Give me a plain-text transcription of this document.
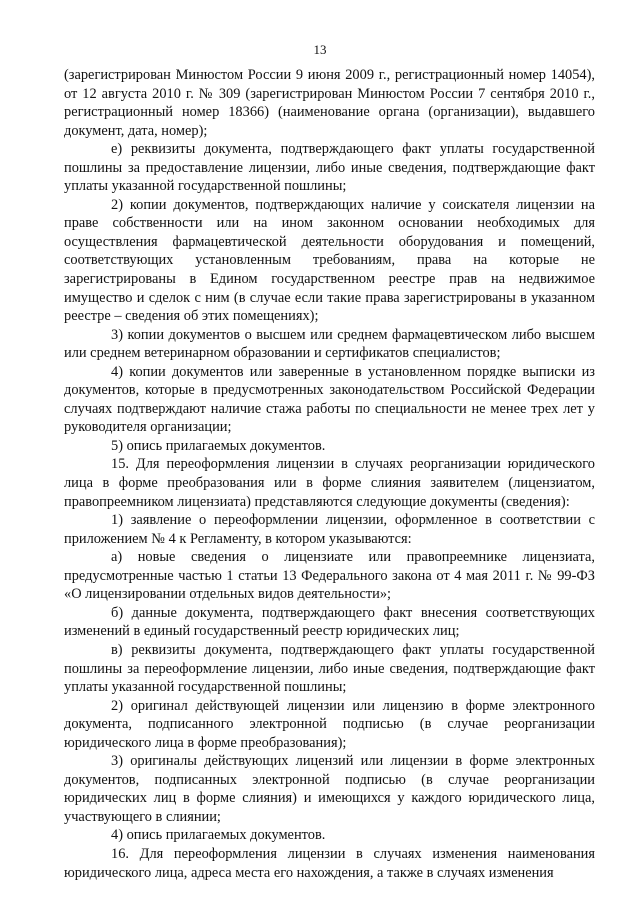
13

(зарегистрирован Минюстом России 9 июня 2009 г., регистрационный номер 14054), от 12 августа 2010 г. № 309 (зарегистрирован Минюстом России 7 сентября 2010 г., регистрационный номер 18366) (наименование органа (организации), выдавшего документ, дата, номер);

е) реквизиты документа, подтверждающего факт уплаты государственной пошлины за предоставление лицензии, либо иные сведения, подтверждающие факт уплаты указанной государственной пошлины;

2) копии документов, подтверждающих наличие у соискателя лицензии на праве собственности или на ином законном основании необходимых для осуществления фармацевтической деятельности оборудования и помещений, соответствующих установленным требованиям, права на которые не зарегистрированы в Едином государственном реестре прав на недвижимое имущество и сделок с ним (в случае если такие права зарегистрированы в указанном реестре – сведения об этих помещениях);

3) копии документов о высшем или среднем фармацевтическом либо высшем или среднем ветеринарном образовании и сертификатов специалистов;

4) копии документов или заверенные в установленном порядке выписки из документов, которые в предусмотренных законодательством Российской Федерации случаях подтверждают наличие стажа работы по специальности не менее трех лет у руководителя организации;

5) опись прилагаемых документов.

15. Для переоформления лицензии в случаях реорганизации юридического лица в форме преобразования или в форме слияния заявителем (лицензиатом, правопреемником лицензиата) представляются следующие документы (сведения):

1) заявление о переоформлении лицензии, оформленное в соответствии с приложением № 4 к Регламенту, в котором указываются:

а) новые сведения о лицензиате или правопреемнике лицензиата, предусмотренные частью 1 статьи 13 Федерального закона от 4 мая 2011 г. № 99-ФЗ «О лицензировании отдельных видов деятельности»;

б) данные документа, подтверждающего факт внесения соответствующих изменений в единый государственный реестр юридических лиц;

в) реквизиты документа, подтверждающего факт уплаты государственной пошлины за переоформление лицензии, либо иные сведения, подтверждающие факт уплаты указанной государственной пошлины;

2) оригинал действующей лицензии или лицензию в форме электронного документа, подписанного электронной подписью (в случае реорганизации юридического лица в форме преобразования);

3) оригиналы действующих лицензий или лицензии в форме электронных документов, подписанных электронной подписью (в случае реорганизации юридических лиц в форме слияния) и имеющихся у каждого юридического лица, участвующего в слиянии;

4) опись прилагаемых документов.

16. Для переоформления лицензии в случаях изменения наименования юридического лица, адреса места его нахождения, а также в случаях изменения
